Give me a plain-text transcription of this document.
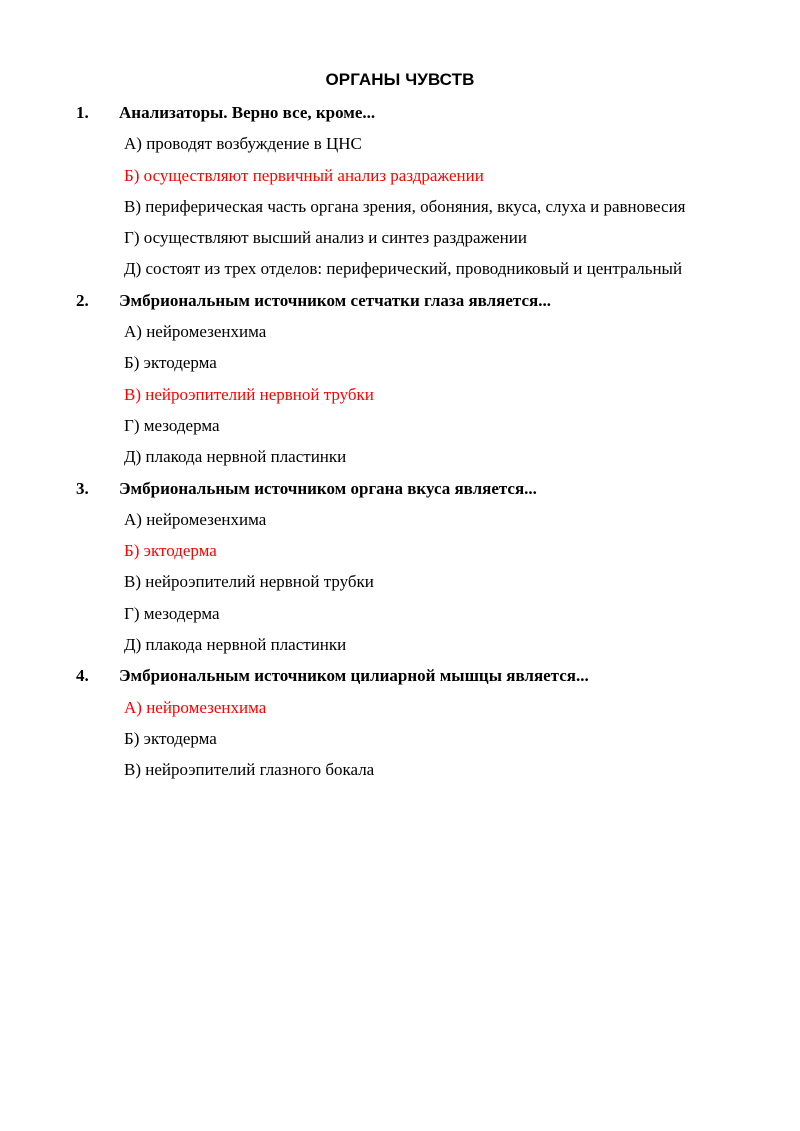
ОРГАНЫ ЧУВСТВ
1. Анализаторы. Верно все, кроме...
А) проводят возбуждение в ЦНС
Б) осуществляют первичный анализ раздражении
В) периферическая часть органа зрения, обоняния, вкуса, слуха и равновесия
Г) осуществляют высший анализ и синтез раздражении
Д) состоят из трех отделов: периферический, проводниковый и центральный
2. Эмбриональным источником сетчатки глаза является...
А) нейромезенхима
Б) эктодерма
В) нейроэпителий нервной трубки
Г) мезодерма
Д) плакода нервной пластинки
3. Эмбриональным источником органа вкуса является...
А) нейромезенхима
Б) эктодерма
В) нейроэпителий нервной трубки
Г) мезодерма
Д) плакода нервной пластинки
4. Эмбриональным источником цилиарной мышцы является...
А) нейромезенхима
Б) эктодерма
В) нейроэпителий глазного бокала
